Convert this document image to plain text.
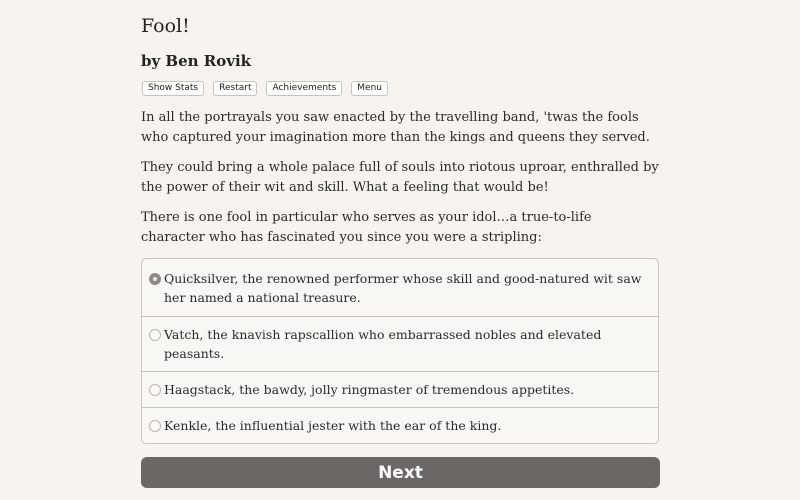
Fool!
by Ben Rovik
Show Stats	Restart	Achievements	Menu

In all the portrayals you saw enacted by the travelling band, 'twas the fools who captured your imagination more than the kings and queens they served.

They could bring a whole palace full of souls into riotous uproar, enthralled by the power of their wit and skill. What a feeling that would be!

There is one fool in particular who serves as your idol…a true-to-life character who has fascinated you since you were a stripling:

Quicksilver, the renowned performer whose skill and good-natured wit saw her named a national treasure.
Vatch, the knavish rapscallion who embarrassed nobles and elevated peasants.
Haagstack, the bawdy, jolly ringmaster of tremendous appetites.
Kenkle, the influential jester with the ear of the king.
Next
